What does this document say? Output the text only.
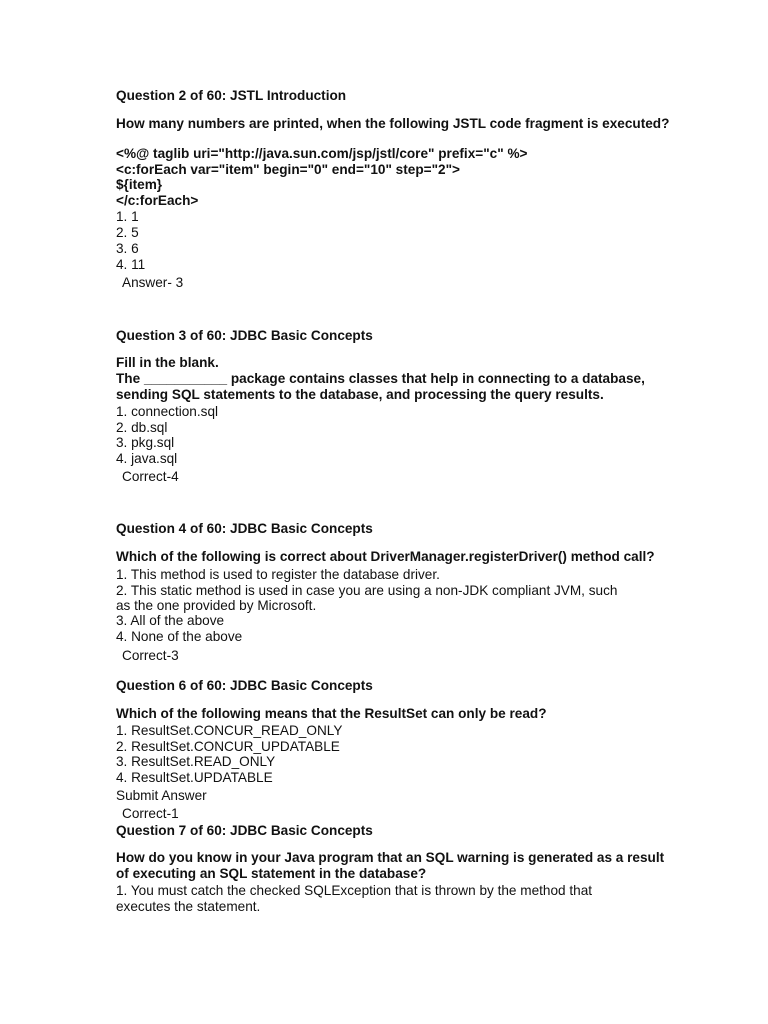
Question 2 of 60: JSTL Introduction
How many numbers are printed, when the following JSTL code fragment is executed?
<%@ taglib uri="http://java.sun.com/jsp/jstl/core" prefix="c" %>
<c:forEach var="item" begin="0" end="10" step="2">
${item}
</c:forEach>
1. 1
2. 5
3. 6
4. 11
Answer- 3
Question 3 of 60: JDBC Basic Concepts
Fill in the blank.
The ___________ package contains classes that help in connecting to a database,
sending SQL statements to the database, and processing the query results.
1. connection.sql
2. db.sql
3. pkg.sql
4. java.sql
Correct-4
Question 4 of 60: JDBC Basic Concepts
Which of the following is correct about DriverManager.registerDriver() method call?
1. This method is used to register the database driver.
2. This static method is used in case you are using a non-JDK compliant JVM, such
as the one provided by Microsoft.
3. All of the above
4. None of the above
Correct-3
Question 6 of 60: JDBC Basic Concepts
Which of the following means that the ResultSet can only be read?
1. ResultSet.CONCUR_READ_ONLY
2. ResultSet.CONCUR_UPDATABLE
3. ResultSet.READ_ONLY
4. ResultSet.UPDATABLE
Submit Answer
Correct-1
Question 7 of 60: JDBC Basic Concepts
How do you know in your Java program that an SQL warning is generated as a result
of executing an SQL statement in the database?
1. You must catch the checked SQLException that is thrown by the method that
executes the statement.
